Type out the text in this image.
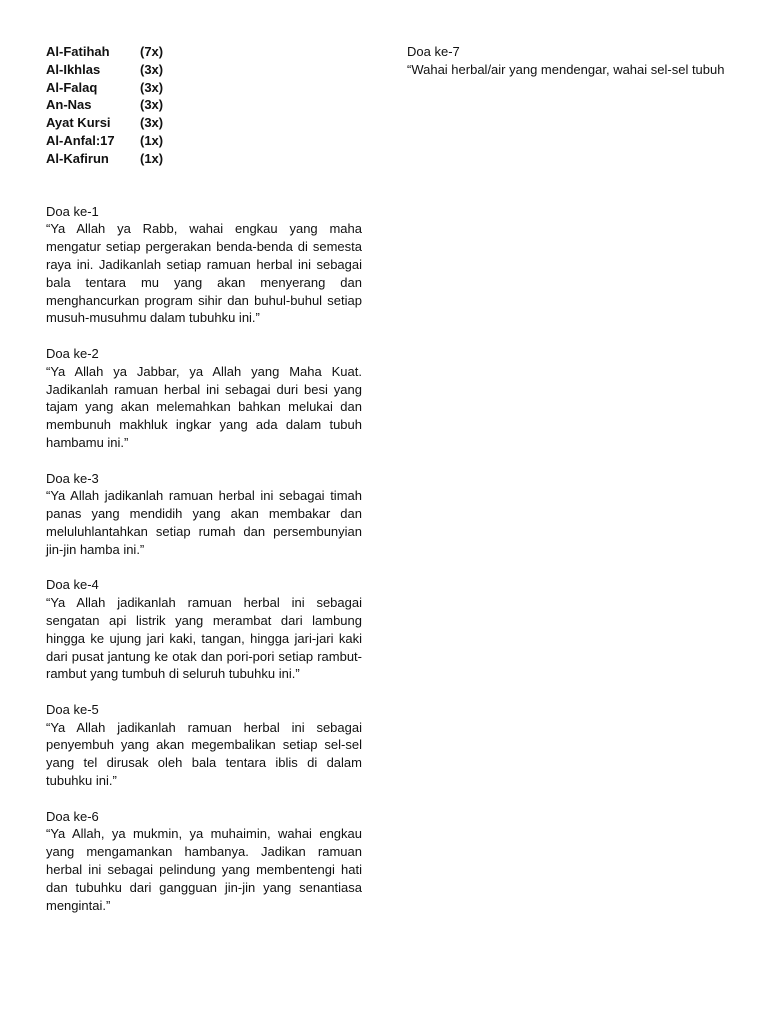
Al-Fatihah	(7x)
Al-Ikhlas	(3x)
Al-Falaq	(3x)
An-Nas	(3x)
Ayat Kursi	(3x)
Al-Anfal:17	(1x)
Al-Kafirun	(1x)
Doa ke-1
“Ya Allah ya Rabb, wahai engkau yang maha mengatur setiap pergerakan benda-benda di semesta raya ini. Jadikanlah setiap ramuan herbal ini sebagai bala tentara mu yang akan menyerang dan menghancurkan program sihir dan buhul-buhul setiap musuh-musuhmu dalam tubuhku ini.”
Doa ke-2
“Ya Allah ya Jabbar, ya Allah yang Maha Kuat. Jadikanlah ramuan herbal ini sebagai duri besi yang tajam yang akan melemahkan bahkan melukai dan membunuh makhluk ingkar yang ada dalam tubuh hambamu ini.”
Doa ke-3
“Ya Allah jadikanlah ramuan herbal ini sebagai timah panas yang mendidih yang akan membakar dan meluluhlantahkan setiap rumah dan persembunyian jin-jin hamba ini.”
Doa ke-4
“Ya Allah jadikanlah ramuan herbal ini sebagai sengatan api listrik yang merambat dari lambung hingga ke ujung jari kaki, tangan, hingga jari-jari kaki dari pusat jantung ke otak dan pori-pori setiap rambut-rambut yang tumbuh di seluruh tubuhku ini.”
Doa ke-5
“Ya Allah jadikanlah ramuan herbal ini sebagai penyembuh yang akan megembalikan setiap sel-sel yang tel dirusak oleh bala tentara iblis di dalam tubuhku ini.”
Doa ke-6
“Ya Allah, ya mukmin, ya muhaimin, wahai engkau yang mengamankan hambanya. Jadikan ramuan herbal ini sebagai pelindung yang membentengi hati dan tubuhku dari gangguan jin-jin yang senantiasa mengintai.”
Doa ke-7
“Wahai herbal/air yang mendengar, wahai sel-sel tubuh
